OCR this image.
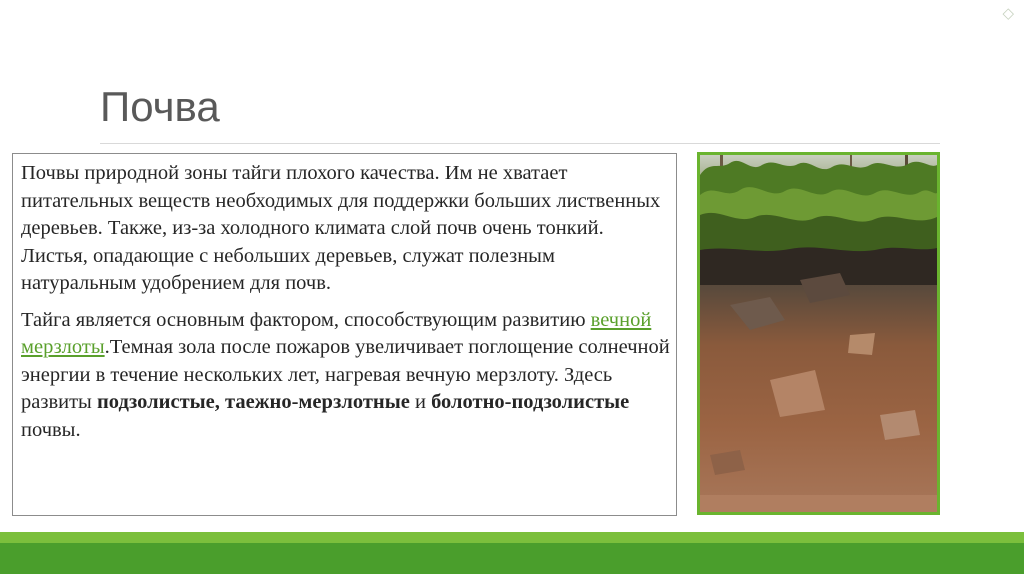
◇
Почва

Почвы природной зоны тайги плохого качества. Им не хватает питательных веществ необходимых для поддержки больших лиственных деревьев. Также, из-за холодного климата слой почв очень тонкий. Листья, опадающие с небольших деревьев, служат полезным натуральным удобрением для почв.

Тайга является основным фактором, способствующим развитию вечной мерзлоты.Темная зола после пожаров увеличивает поглощение солнечной энергии в течение нескольких лет, нагревая вечную мерзлоту. Здесь развиты подзолистые, таежно-мерзлотные и болотно-подзолистые почвы.
